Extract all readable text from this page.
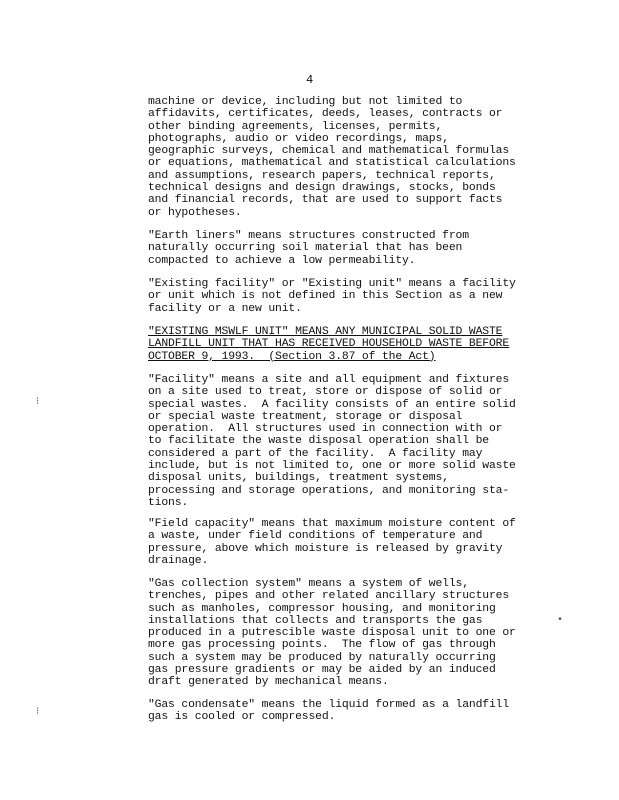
4

machine or device, including but not limited to
affidavits, certificates, deeds, leases, contracts or
other binding agreements, licenses, permits,
photographs, audio or video recordings, maps,
geographic surveys, chemical and mathematical formulas
or equations, mathematical and statistical calculations
and assumptions, research papers, technical reports,
technical designs and design drawings, stocks, bonds
and financial records, that are used to support facts
or hypotheses.

"Earth liners" means structures constructed from
naturally occurring soil material that has been
compacted to achieve a low permeability.

"Existing facility" or "Existing unit" means a facility
or unit which is not defined in this Section as a new
facility or a new unit.

"EXISTING MSWLF UNIT" MEANS ANY MUNICIPAL SOLID WASTE
LANDFILL UNIT THAT HAS RECEIVED HOUSEHOLD WASTE BEFORE
OCTOBER 9, 1993.  (Section 3.87 of the Act)

"Facility" means a site and all equipment and fixtures
on a site used to treat, store or dispose of solid or
special wastes.  A facility consists of an entire solid
or special waste treatment, storage or disposal
operation.  All structures used in connection with or
to facilitate the waste disposal operation shall be
considered a part of the facility.  A facility may
include, but is not limited to, one or more solid waste
disposal units, buildings, treatment systems,
processing and storage operations, and monitoring sta-
tions.

"Field capacity" means that maximum moisture content of
a waste, under field conditions of temperature and
pressure, above which moisture is released by gravity
drainage.

"Gas collection system" means a system of wells,
trenches, pipes and other related ancillary structures
such as manholes, compressor housing, and monitoring
installations that collects and transports the gas
produced in a putrescible waste disposal unit to one or
more gas processing points.  The flow of gas through
such a system may be produced by naturally occurring
gas pressure gradients or may be aided by an induced
draft generated by mechanical means.

"Gas condensate" means the liquid formed as a landfill
gas is cooled or compressed.

⁝
⁝
•
